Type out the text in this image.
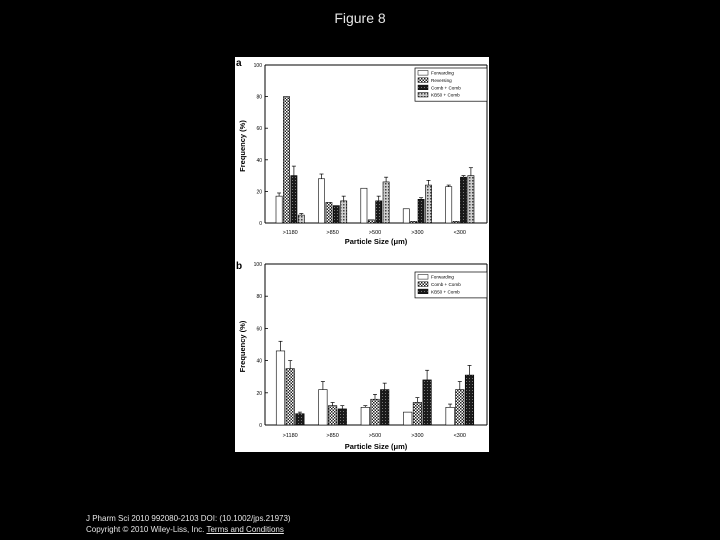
Figure 8
a
0
20
40
60
80
100
Frequency (%)
>1180	>850	>500	>300	<300
Particle Size (μm)
Forwarding
Reversing
Comb + Comb
KB50 + Comb
b
0
20
40
60
80
100
Frequency (%)
>1180	>850	>500	>300	<300
Particle Size (μm)
Forwarding
Comb + Comb
KB50 + Comb
J Pharm Sci 2010 992080-2103 DOI: (10.1002/jps.21973)
Copyright © 2010 Wiley-Liss, Inc. Terms and Conditions
